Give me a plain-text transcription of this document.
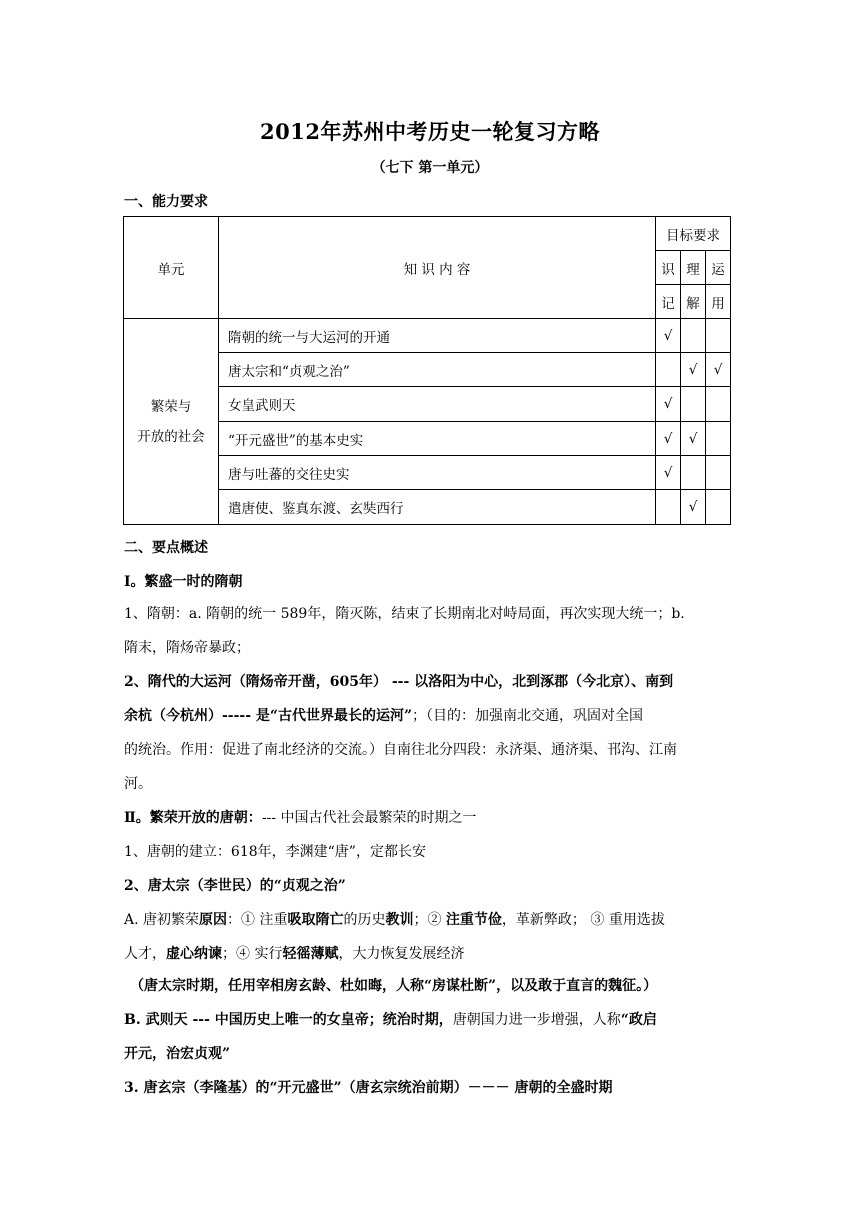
2012年苏州中考历史一轮复习方略
（七下 第一单元）
一、能力要求
单元	知 识 内 容	目标要求		
		识	理	运
		记	解	用

繁荣与
开放的社会	隋朝的统一与大运河的开通	√		
	唐太宗和“贞观之治”		√	√
	女皇武则天	√		
	“开元盛世”的基本史实	√	√	
	唐与吐蕃的交往史实	√		
	遣唐使、鉴真东渡、玄奘西行		√	
二、要点概述
Ⅰ。繁盛一时的隋朝
1、隋朝：a. 隋朝的统一 589年，隋灭陈，结束了长期南北对峙局面，再次实现大统一；b.
隋末，隋炀帝暴政；
2、隋代的大运河（隋炀帝开凿，605年） --- 以洛阳为中心，北到涿郡（今北京）、南到
余杭（今杭州）----- 是“古代世界最长的运河”；（目的：加强南北交通，巩固对全国
的统治。作用：促进了南北经济的交流。）自南往北分四段：永济渠、通济渠、邗沟、江南
河。
Ⅱ。繁荣开放的唐朝：--- 中国古代社会最繁荣的时期之一
1、唐朝的建立：618年，李渊建“唐”，定都长安
2、唐太宗（李世民）的“贞观之治”
A. 唐初繁荣原因：① 注重吸取隋亡的历史教训；② 注重节俭，革新弊政； ③ 重用选拔
人才，虚心纳谏；④ 实行轻徭薄赋，大力恢复发展经济
（唐太宗时期，任用宰相房玄龄、杜如晦，人称“房谋杜断”，以及敢于直言的魏征。）
B. 武则天 --- 中国历史上唯一的女皇帝；统治时期，唐朝国力进一步增强，人称“政启
开元，治宏贞观”
3. 唐玄宗（李隆基）的“开元盛世”（唐玄宗统治前期）－－－ 唐朝的全盛时期
